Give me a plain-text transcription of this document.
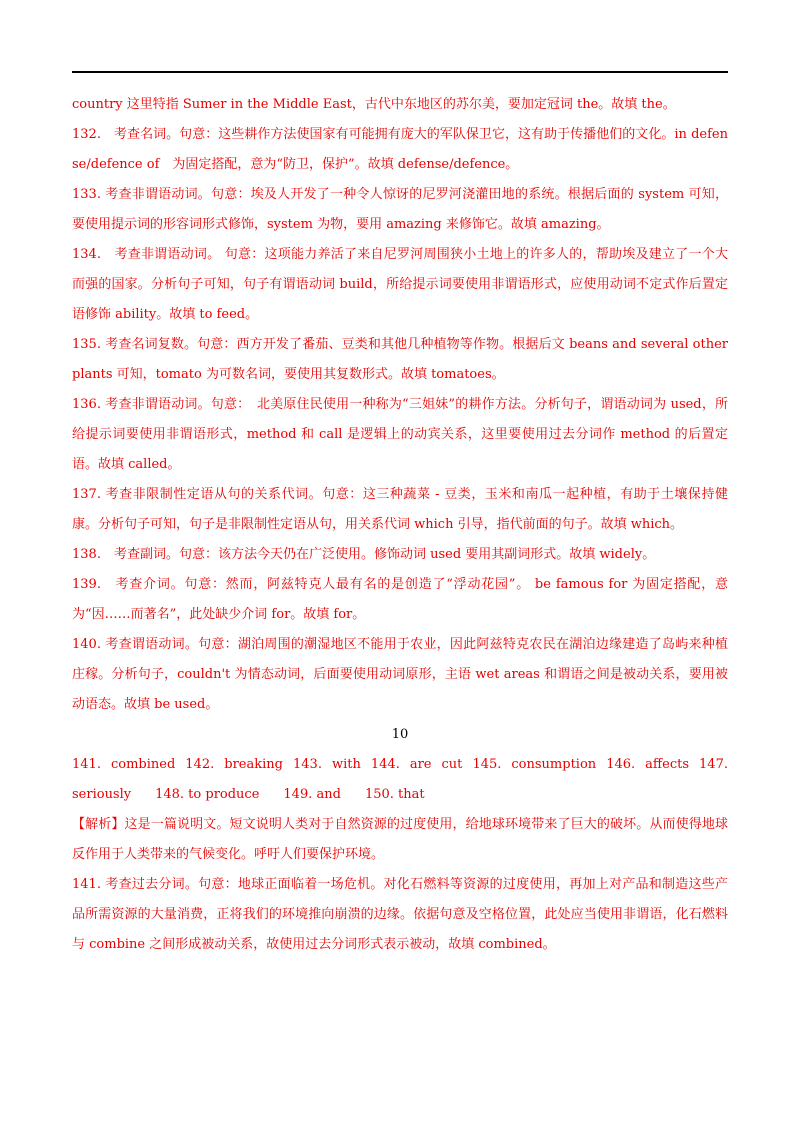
country 这里特指 Sumer in the Middle East，古代中东地区的苏尔美，要加定冠词 the。故填 the。

132.　考查名词。句意：这些耕作方法使国家有可能拥有庞大的军队保卫它，这有助于传播他们的文化。in defense/defence of　为固定搭配，意为“防卫，保护”。故填 defense/defence。

133. 考查非谓语动词。句意：埃及人开发了一种令人惊讶的尼罗河浇灌田地的系统。根据后面的 system 可知，要使用提示词的形容词形式修饰，system 为物，要用 amazing 来修饰它。故填 amazing。

134.　考查非谓语动词。 句意：这项能力养活了来自尼罗河周围狭小土地上的许多人的，帮助埃及建立了一个大而强的国家。分析句子可知，句子有谓语动词 build，所给提示词要使用非谓语形式，应使用动词不定式作后置定语修饰 ability。故填 to feed。

135. 考查名词复数。句意：西方开发了番茄、豆类和其他几种植物等作物。根据后文 beans and several other plants 可知，tomato 为可数名词，要使用其复数形式。故填 tomatoes。

136. 考查非谓语动词。句意：　北美原住民使用一种称为“三姐妹”的耕作方法。分析句子，谓语动词为 used，所给提示词要使用非谓语形式，method 和 call 是逻辑上的动宾关系，这里要使用过去分词作 method 的后置定语。故填 called。

137. 考查非限制性定语从句的关系代词。句意：这三种蔬菜 - 豆类，玉米和南瓜一起种植，有助于土壤保持健康。分析句子可知，句子是非限制性定语从句，用关系代词 which 引导，指代前面的句子。故填 which。

138.　考查副词。句意：该方法今天仍在广泛使用。修饰动词 used 要用其副词形式。故填 widely。

139.　考查介词。句意：然而，阿兹特克人最有名的是创造了“浮动花园”。 be famous for 为固定搭配，意为“因……而著名”，此处缺少介词 for。故填 for。

140. 考查谓语动词。句意：湖泊周围的潮湿地区不能用于农业，因此阿兹特克农民在湖泊边缘建造了岛屿来种植庄稼。分析句子，couldn't 为情态动词，后面要使用动词原形，主语 wet areas 和谓语之间是被动关系，要用被动语态。故填 be used。

10

141. combined 142. breaking 143. with 144. are cut 145. consumption 146. affects 147.
seriously 148. to produce 149. and 150. that

【解析】这是一篇说明文。短文说明人类对于自然资源的过度使用，给地球环境带来了巨大的破坏。从而使得地球反作用于人类带来的气候变化。呼吁人们要保护环境。

141. 考查过去分词。句意：地球正面临着一场危机。对化石燃料等资源的过度使用，再加上对产品和制造这些产品所需资源的大量消费，正将我们的环境推向崩溃的边缘。依据句意及空格位置，此处应当使用非谓语，化石燃料与 combine 之间形成被动关系，故使用过去分词形式表示被动，故填 combined。
